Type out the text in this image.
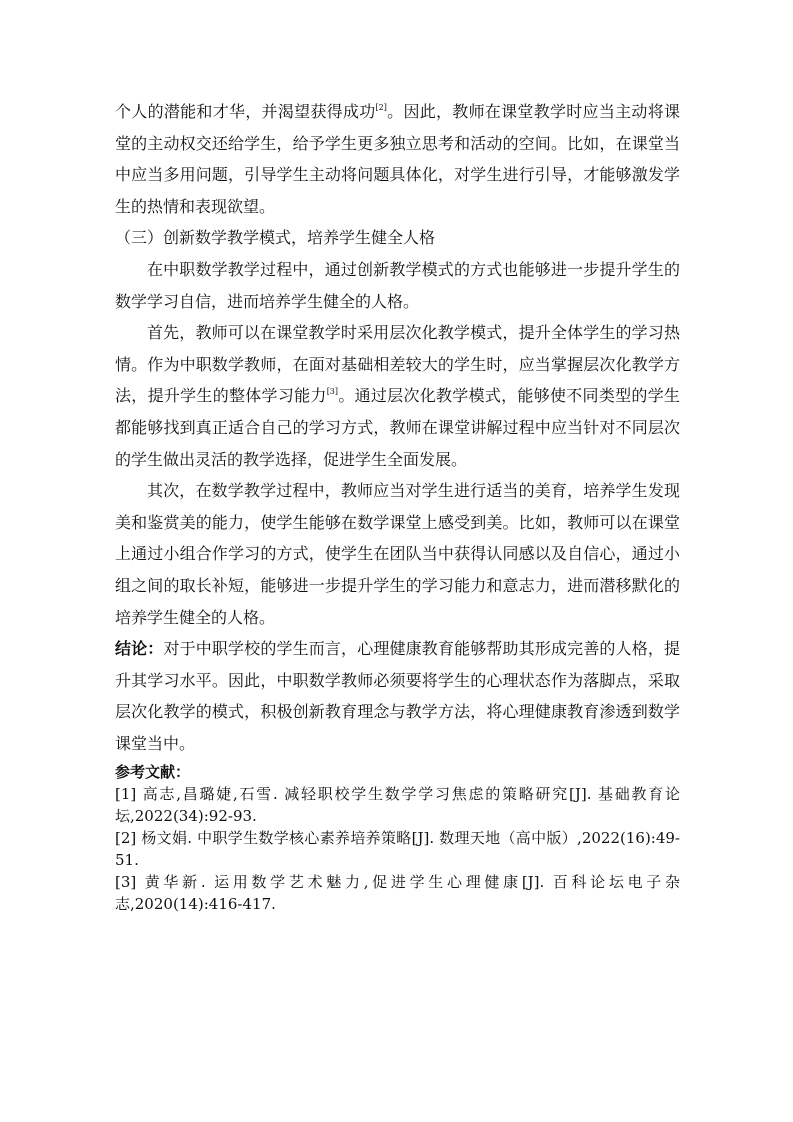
个人的潜能和才华，并渴望获得成功[2]。因此，教师在课堂教学时应当主动将课堂的主动权交还给学生，给予学生更多独立思考和活动的空间。比如，在课堂当中应当多用问题，引导学生主动将问题具体化，对学生进行引导，才能够激发学生的热情和表现欲望。

（三）创新数学教学模式，培养学生健全人格

在中职数学教学过程中，通过创新教学模式的方式也能够进一步提升学生的数学学习自信，进而培养学生健全的人格。

首先，教师可以在课堂教学时采用层次化教学模式，提升全体学生的学习热情。作为中职数学教师，在面对基础相差较大的学生时，应当掌握层次化教学方法，提升学生的整体学习能力[3]。通过层次化教学模式，能够使不同类型的学生都能够找到真正适合自己的学习方式，教师在课堂讲解过程中应当针对不同层次的学生做出灵活的教学选择，促进学生全面发展。

其次，在数学教学过程中，教师应当对学生进行适当的美育，培养学生发现美和鉴赏美的能力，使学生能够在数学课堂上感受到美。比如，教师可以在课堂上通过小组合作学习的方式，使学生在团队当中获得认同感以及自信心，通过小组之间的取长补短，能够进一步提升学生的学习能力和意志力，进而潜移默化的培养学生健全的人格。

结论：对于中职学校的学生而言，心理健康教育能够帮助其形成完善的人格，提升其学习水平。因此，中职数学教师必须要将学生的心理状态作为落脚点，采取层次化教学的模式，积极创新教育理念与教学方法，将心理健康教育渗透到数学课堂当中。

参考文献：

[1] 高志,昌璐婕,石雪. 减轻职校学生数学学习焦虑的策略研究[J]. 基础教育论坛,2022(34):92-93.

[2] 杨文娟. 中职学生数学核心素养培养策略[J]. 数理天地（高中版）,2022(16):49-51.

[3] 黄华新. 运用数学艺术魅力,促进学生心理健康[J]. 百科论坛电子杂志,2020(14):416-417.
